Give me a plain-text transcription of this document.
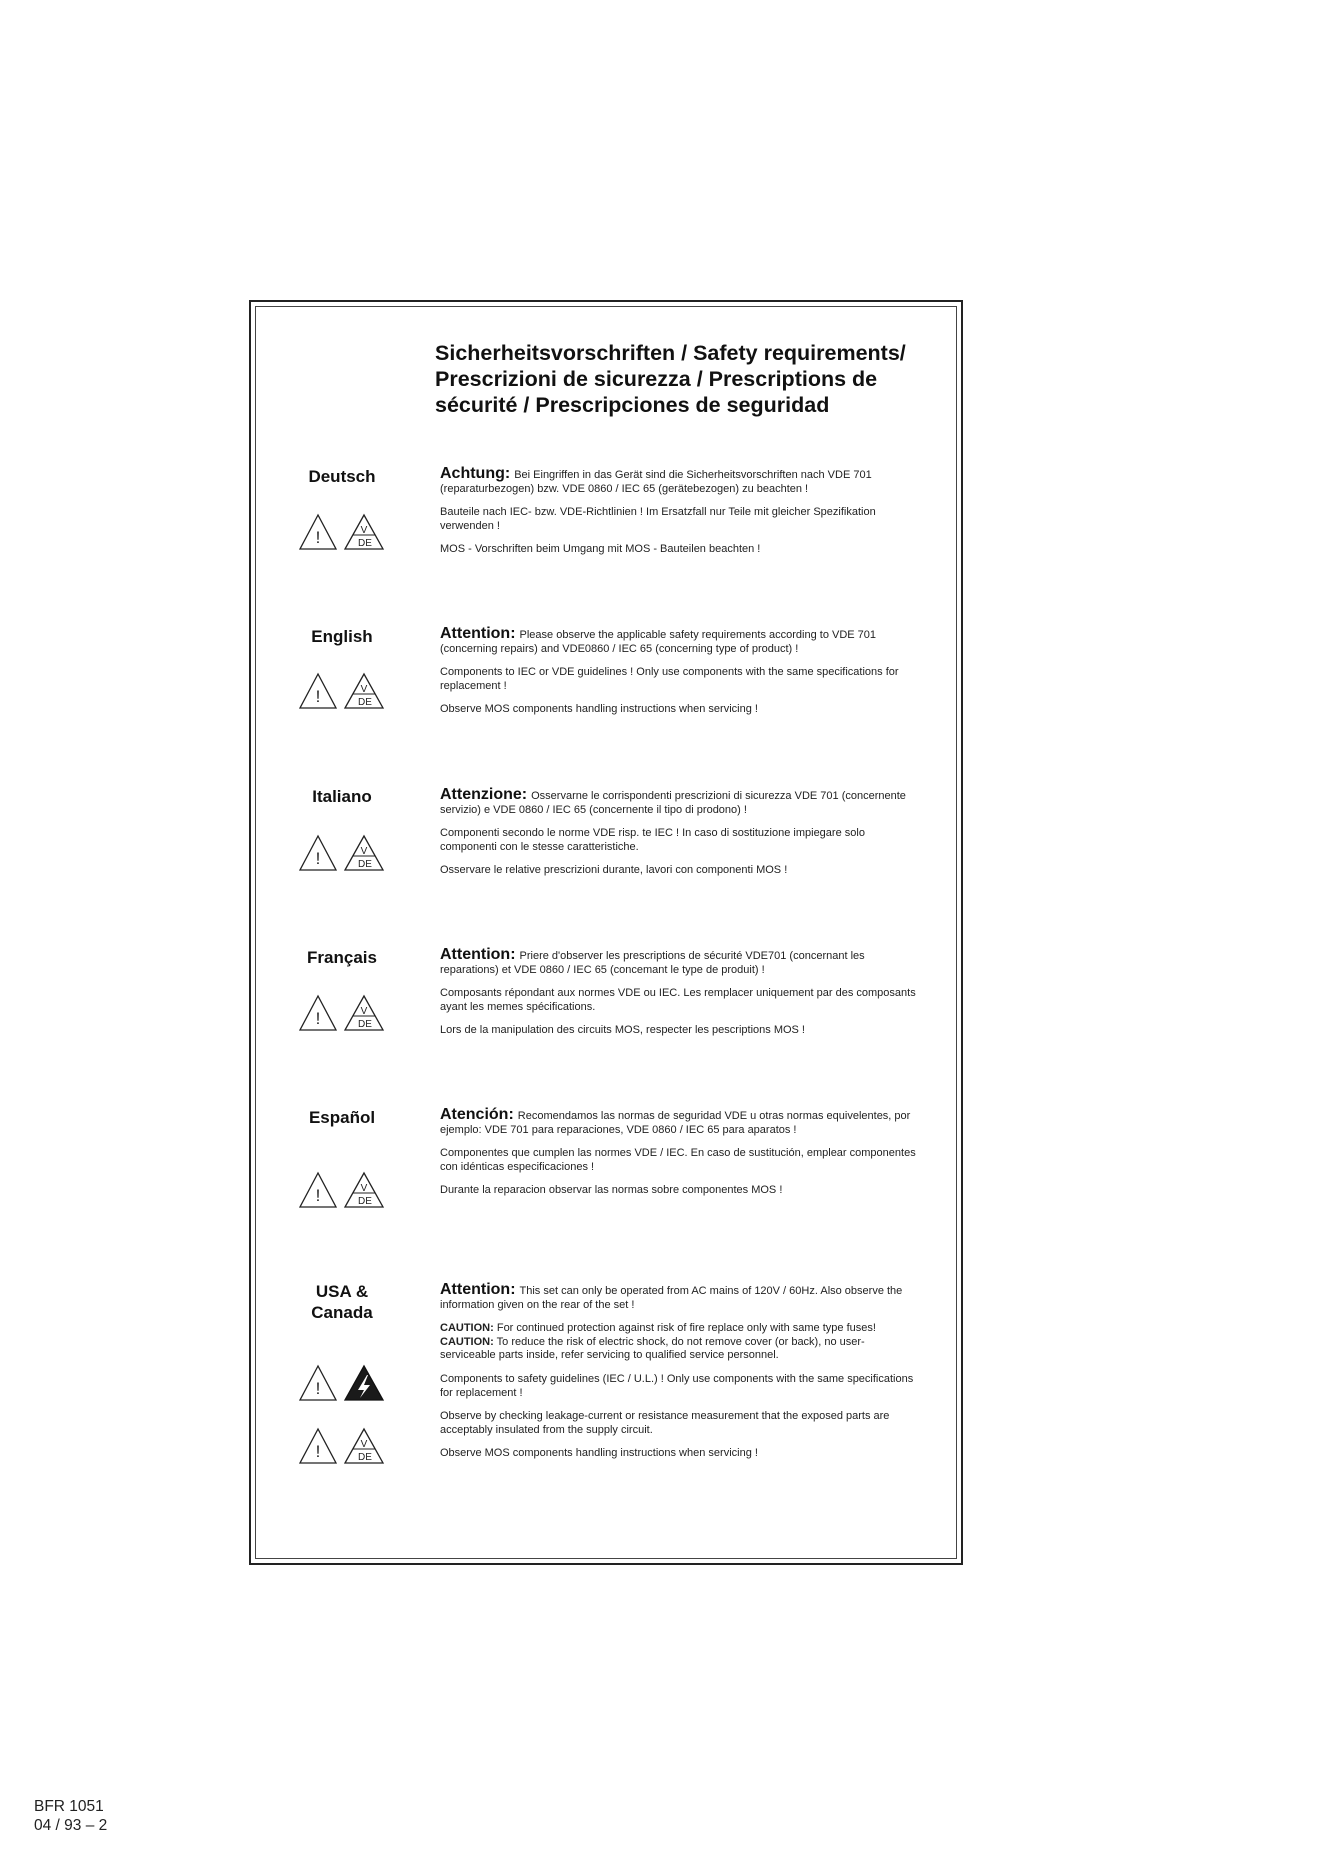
Sicherheitsvorschriften / Safety requirements/
Prescrizioni de sicurezza / Prescriptions de
sécurité / Prescripciones de seguridad
Deutsch
!	V
DE

Achtung: Bei Eingriffen in das Gerät sind die Sicherheitsvorschriften nach VDE 701 (reparaturbezogen) bzw. VDE 0860 / IEC 65 (gerätebezogen) zu beachten !

Bauteile nach IEC- bzw. VDE-Richtlinien ! Im Ersatzfall nur Teile mit gleicher Spezifikation verwenden !

MOS - Vorschriften beim Umgang mit MOS - Bauteilen beachten !

English
!	V
DE

Attention: Please observe the applicable safety requirements according to VDE 701 (concerning repairs) and VDE0860 / IEC 65 (concerning type of product) !

Components to IEC or VDE guidelines ! Only use components with the same specifications for replacement !

Observe MOS components handling instructions when servicing !

Italiano
!	V
DE

Attenzione: Osservarne le corrispondenti prescrizioni di sicurezza VDE 701 (concernente servizio) e VDE 0860 / IEC 65 (concernente il tipo di prodono) !

Componenti secondo le norme VDE risp. te IEC ! In caso di sostituzione impiegare solo componenti con le stesse caratteristiche.

Osservare le relative prescrizioni durante, lavori con componenti MOS !

Français
!	V
DE

Attention: Priere d'observer les prescriptions de sécurité VDE701 (concernant les reparations) et VDE 0860 / IEC 65 (concemant le type de produit) !

Composants répondant aux normes VDE ou IEC. Les remplacer uniquement par des composants ayant les memes spécifications.

Lors de la manipulation des circuits MOS, respecter les pescriptions MOS !

Español
!	V
DE

Atención: Recomendamos las normas de seguridad VDE u otras normas equivelentes, por ejemplo: VDE 701 para reparaciones, VDE 0860 / IEC 65 para aparatos !

Componentes que cumplen las normes VDE / IEC. En caso de sustitución, emplear componentes con idénticas especificaciones !

Durante la reparacion observar las normas sobre componentes MOS !

USA &
Canada
!
!	V
DE

Attention: This set can only be operated from AC mains of 120V / 60Hz. Also observe the information given on the rear of the set !

CAUTION: For continued protection against risk of fire replace only with same type fuses!

CAUTION: To reduce the risk of electric shock, do not remove cover (or back), no user-serviceable parts inside, refer servicing to qualified service personnel.

Components to safety guidelines (IEC / U.L.) ! Only use components with the same specifications for replacement !

Observe by checking leakage-current or resistance measurement that the exposed parts are acceptably insulated from the supply circuit.

Observe MOS components handling instructions when servicing !

BFR 1051
04 / 93 – 2
